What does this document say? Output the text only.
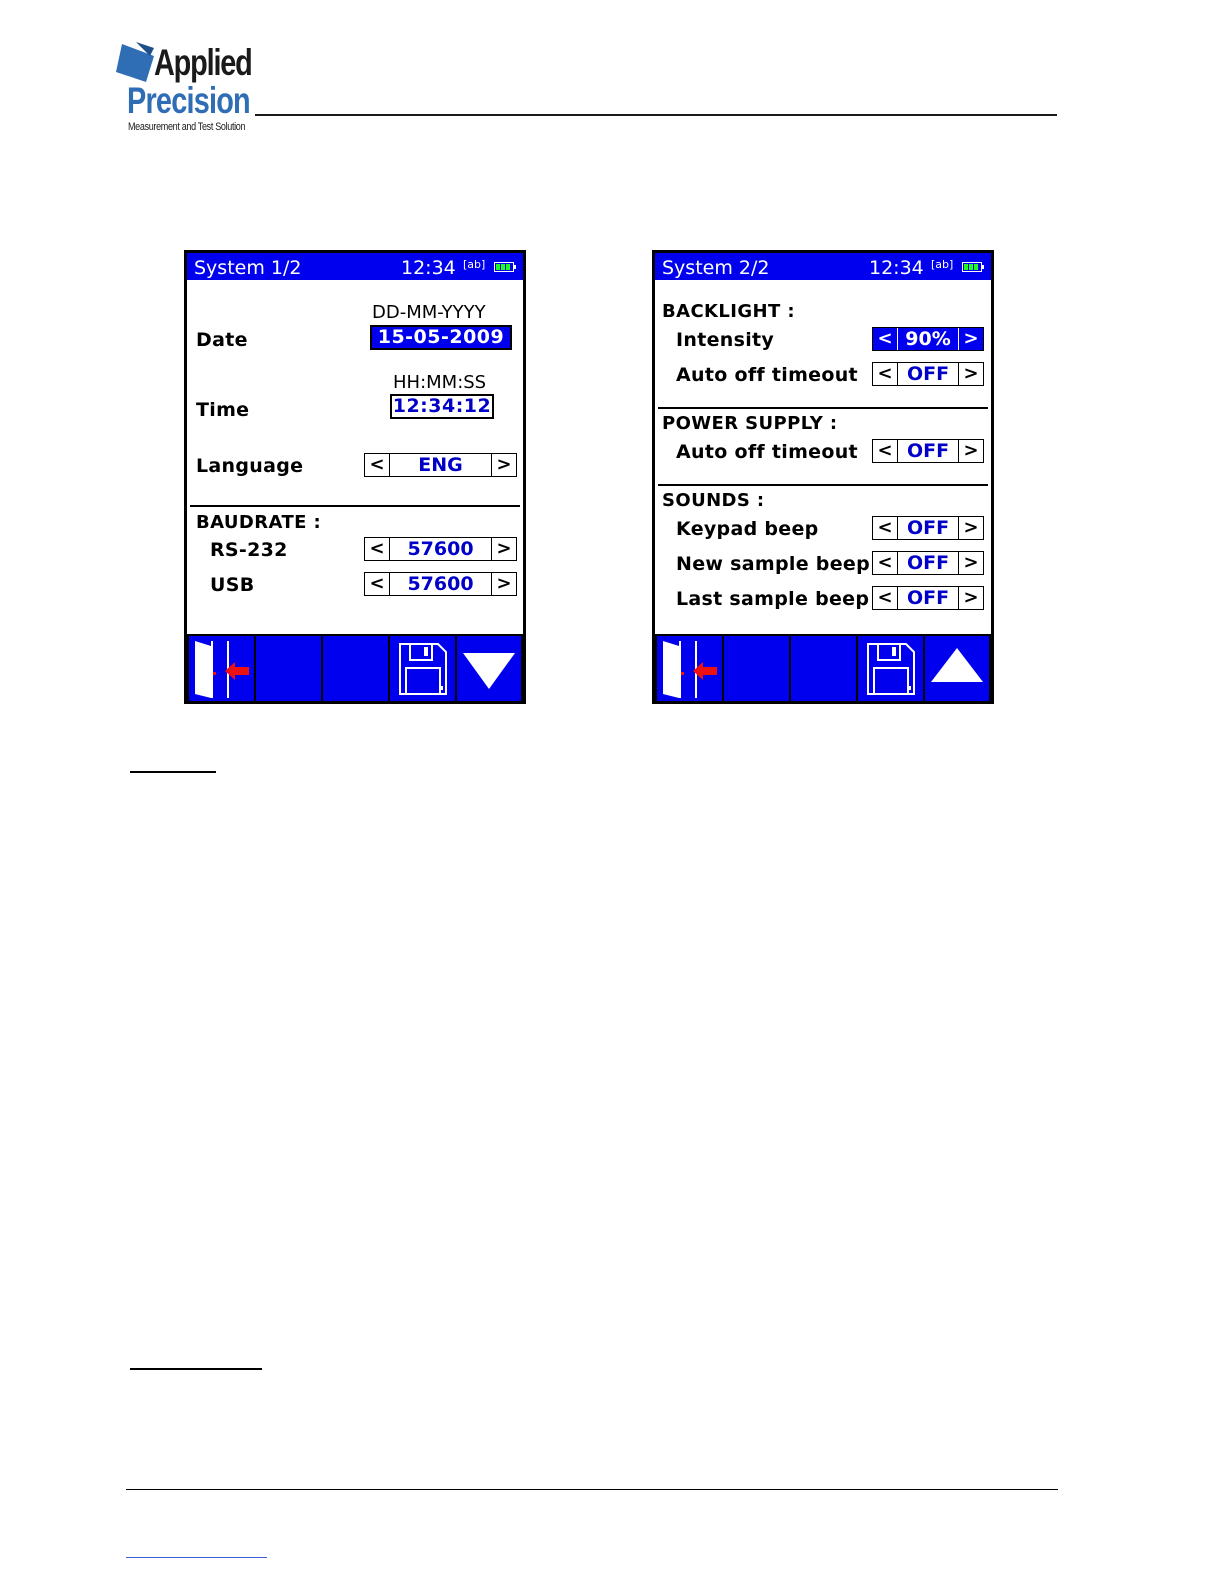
Applied
Precision
Measurement and Test Solution
System 1/2	12:34 [ab]
DD-MM-YYYY
Date	15-05-2009
HH:MM:SS
Time	12:34:12
Language	<	ENG	>
BAUDRATE :
RS-232	<	57600	>
USB	<	57600	>
System 2/2	12:34 [ab]
BACKLIGHT :
Intensity	< 90% >
Auto off timeout < OFF >
POWER SUPPLY :
Auto off timeout < OFF >
SOUNDS :
Keypad beep	< OFF >
New sample beep < OFF >
Last sample beep < OFF >
